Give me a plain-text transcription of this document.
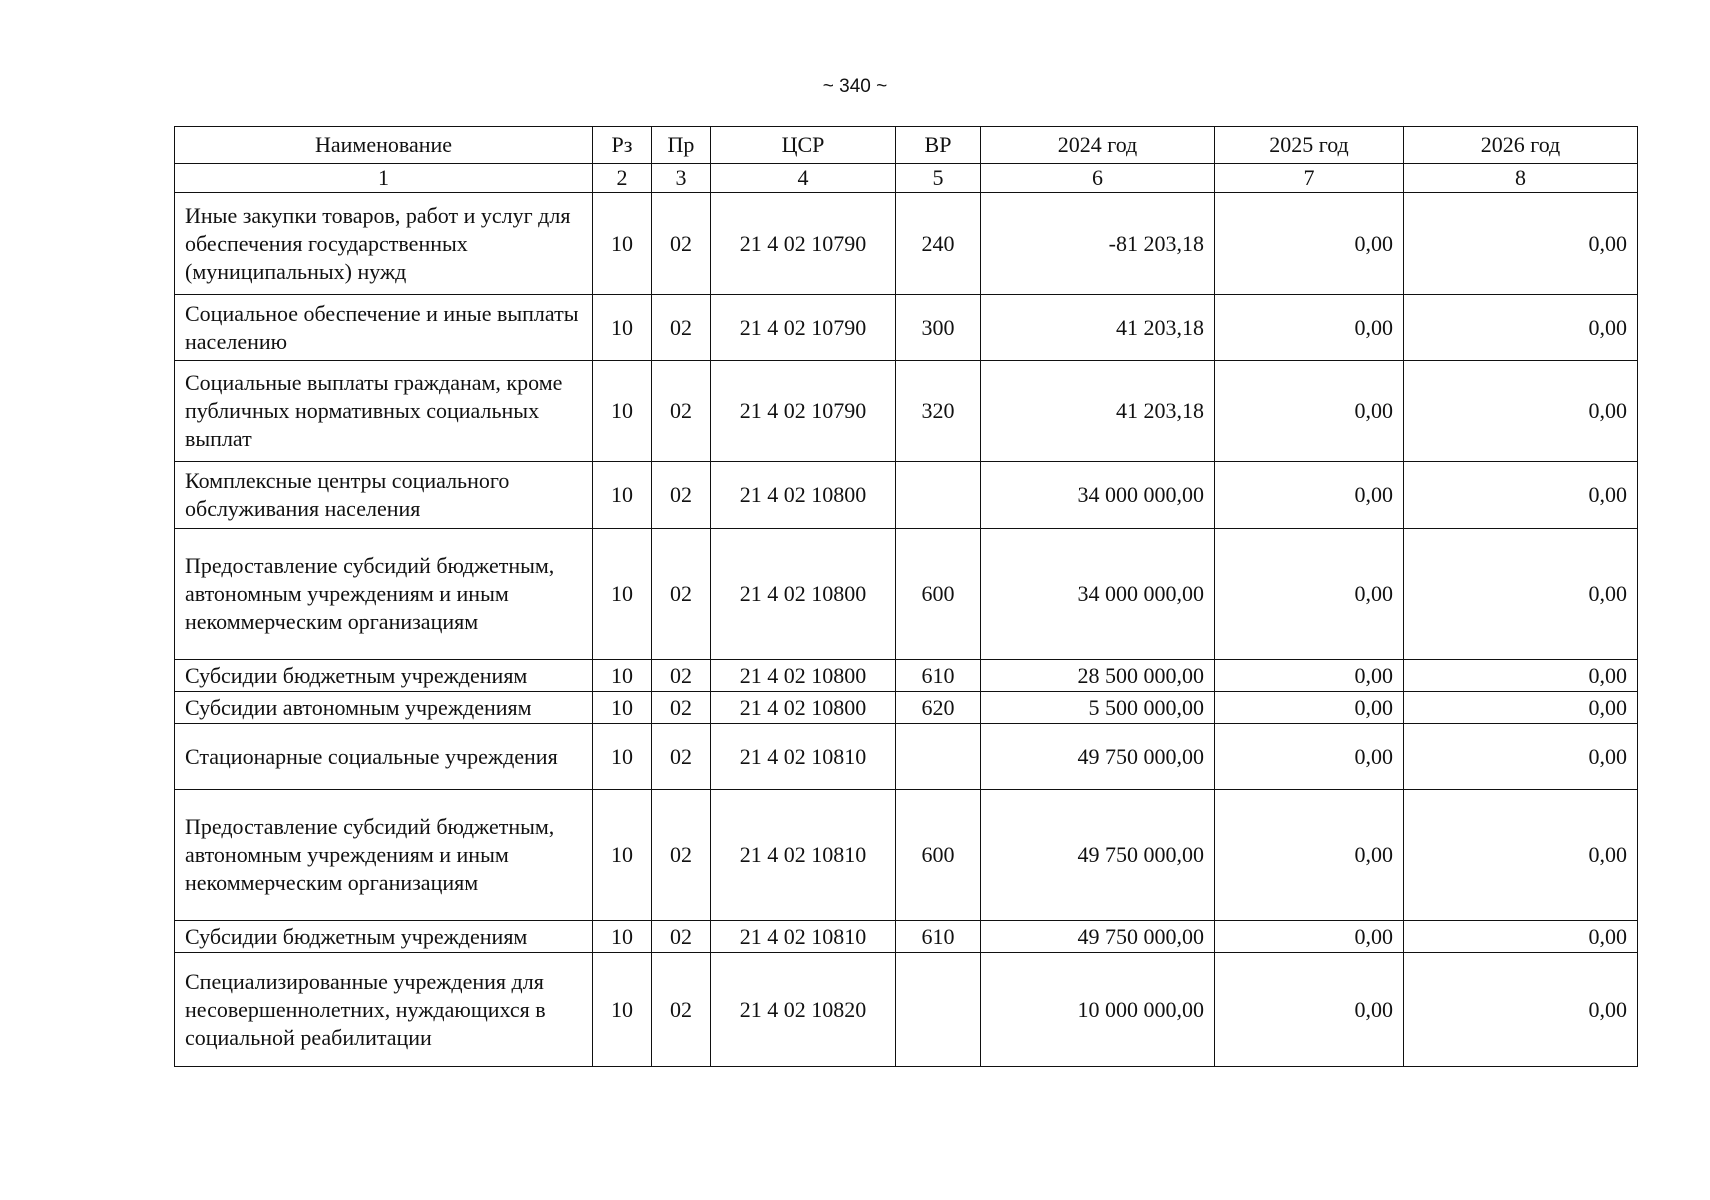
~ 340 ~
Наименование	Рз	Пр	ЦСР	ВР	2024 год	2025 год	2026 год
1	2	3	4	5	6	7	8
Иные закупки товаров, работ и услуг для обеспечения государственных (муниципальных) нужд	10	02	21 4 02 10790	240	-81 203,18	0,00	0,00
Социальное обеспечение и иные выплаты населению	10	02	21 4 02 10790	300	41 203,18	0,00	0,00
Социальные выплаты гражданам, кроме публичных нормативных социальных выплат	10	02	21 4 02 10790	320	41 203,18	0,00	0,00
Комплексные центры социального обслуживания населения	10	02	21 4 02 10800		34 000 000,00	0,00	0,00
Предоставление субсидий бюджетным, автономным учреждениям и иным некоммерческим организациям	10	02	21 4 02 10800	600	34 000 000,00	0,00	0,00
Субсидии бюджетным учреждениям	10	02	21 4 02 10800	610	28 500 000,00	0,00	0,00
Субсидии автономным учреждениям	10	02	21 4 02 10800	620	5 500 000,00	0,00	0,00
Стационарные социальные учреждения	10	02	21 4 02 10810		49 750 000,00	0,00	0,00
Предоставление субсидий бюджетным, автономным учреждениям и иным некоммерческим организациям	10	02	21 4 02 10810	600	49 750 000,00	0,00	0,00
Субсидии бюджетным учреждениям	10	02	21 4 02 10810	610	49 750 000,00	0,00	0,00
Специализированные учреждения для несовершеннолетних, нуждающихся в социальной реабилитации	10	02	21 4 02 10820		10 000 000,00	0,00	0,00
